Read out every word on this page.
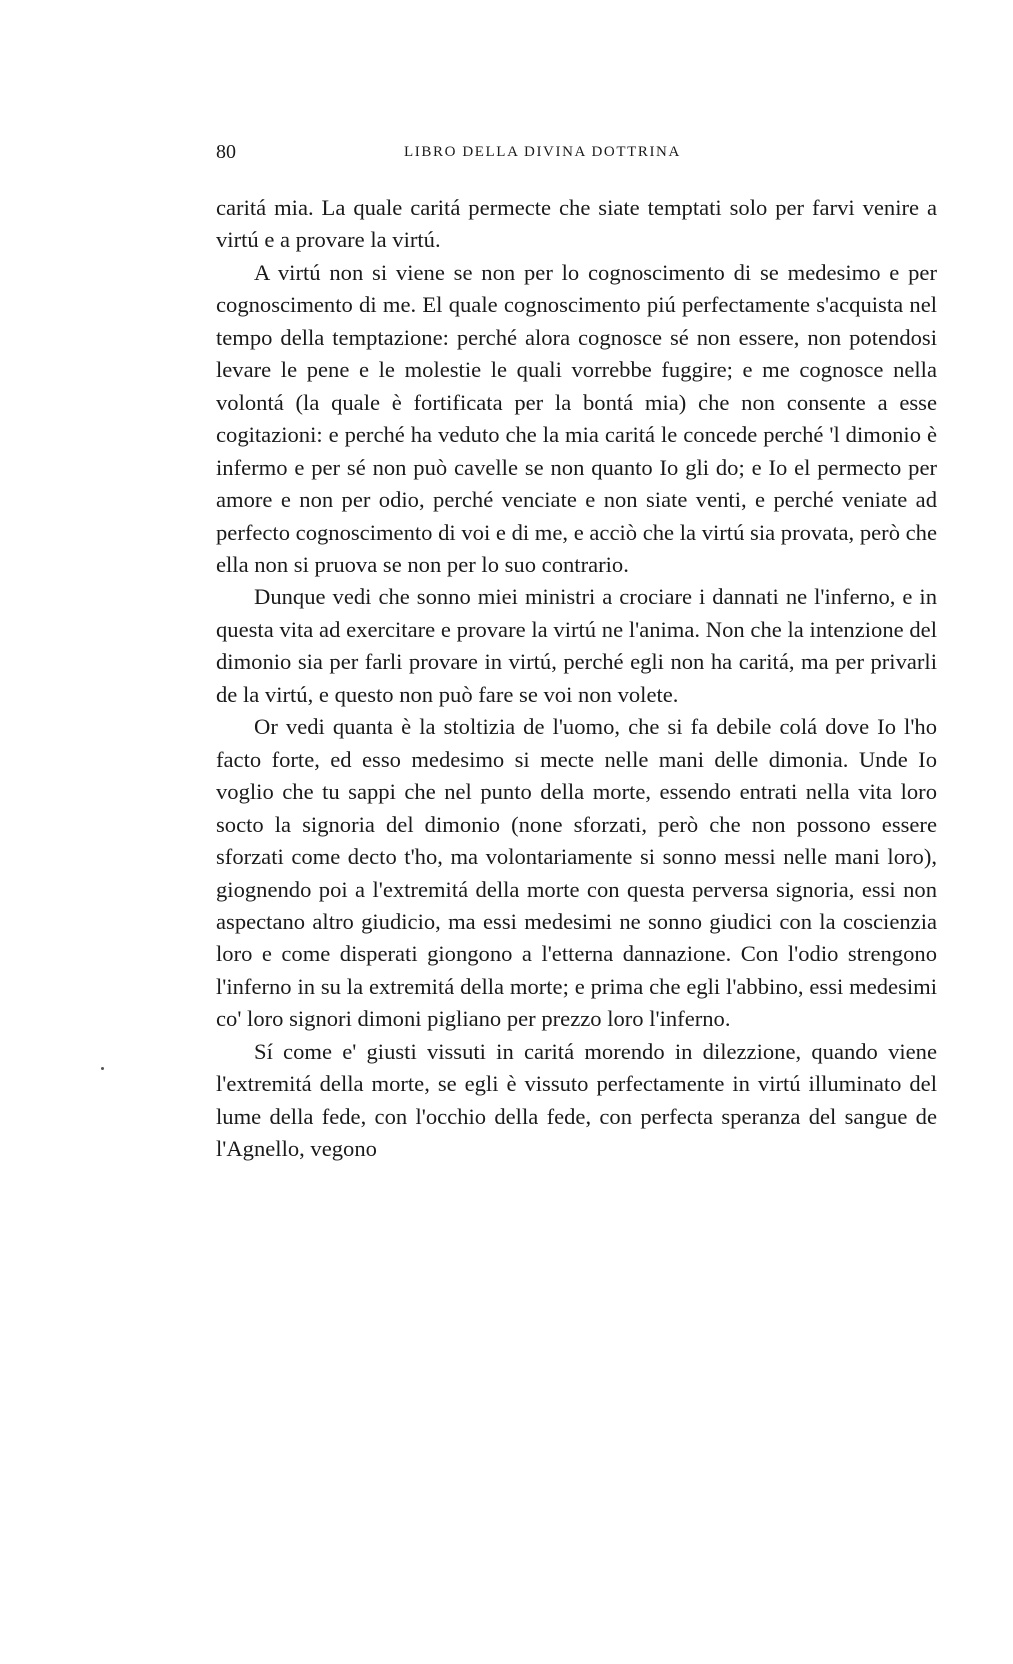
80	LIBRO DELLA DIVINA DOTTRINA

caritá mia. La quale caritá permecte che siate temptati solo per farvi venire a virtú e a provare la virtú.

A virtú non si viene se non per lo cognoscimento di se medesimo e per cognoscimento di me. El quale cognoscimento piú perfectamente s'acquista nel tempo della temptazione: perché alora cognosce sé non essere, non potendosi levare le pene e le molestie le quali vorrebbe fuggire; e me cognosce nella volontá (la quale è fortificata per la bontá mia) che non consente a esse cogitazioni: e perché ha veduto che la mia caritá le concede perché 'l dimonio è infermo e per sé non può cavelle se non quanto Io gli do; e Io el permecto per amore e non per odio, perché venciate e non siate venti, e perché veniate ad perfecto cognoscimento di voi e di me, e acciò che la virtú sia provata, però che ella non si pruova se non per lo suo contrario.

Dunque vedi che sonno miei ministri a crociare i dannati ne l'inferno, e in questa vita ad exercitare e provare la virtú ne l'anima. Non che la intenzione del dimonio sia per farli provare in virtú, perché egli non ha caritá, ma per privarli de la virtú, e questo non può fare se voi non volete.

Or vedi quanta è la stoltizia de l'uomo, che si fa debile colá dove Io l'ho facto forte, ed esso medesimo si mecte nelle mani delle dimonia. Unde Io voglio che tu sappi che nel punto della morte, essendo entrati nella vita loro socto la signoria del dimonio (none sforzati, però che non possono essere sforzati come decto t'ho, ma volontariamente si sonno messi nelle mani loro), giognendo poi a l'extremitá della morte con questa perversa signoria, essi non aspectano altro giudicio, ma essi medesimi ne sonno giudici con la coscienzia loro e come disperati giongono a l'etterna dannazione. Con l'odio strengono l'inferno in su la extremitá della morte; e prima che egli l'abbino, essi medesimi co' loro signori dimoni pigliano per prezzo loro l'inferno.

Sí come e' giusti vissuti in caritá morendo in dilezzione, quando viene l'extremitá della morte, se egli è vissuto perfectamente in virtú illuminato del lume della fede, con l'occhio della fede, con perfecta speranza del sangue de l'Agnello, vegono
